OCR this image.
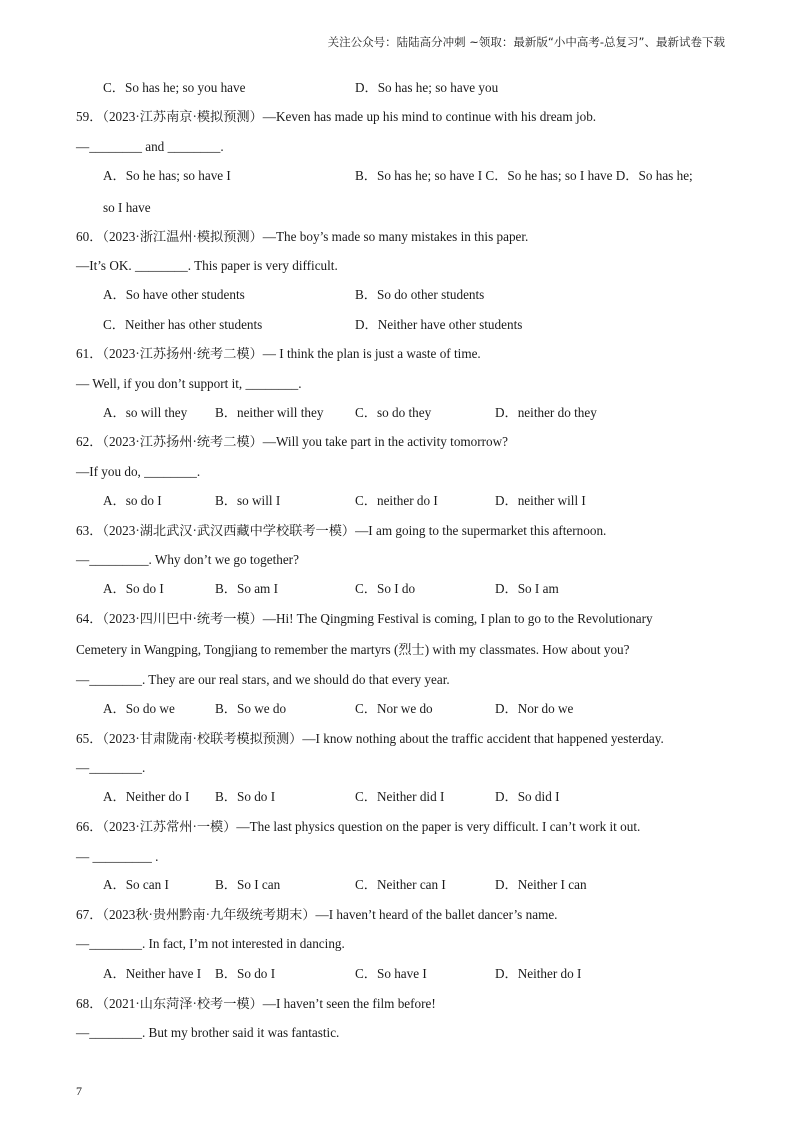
关注公众号：陆陆高分冲刺 ~领取：最新版“小中高考-总复习”、最新试卷下载
C．So has he; so you have	D．So has he; so have you
59．（2023·江苏南京·模拟预测）—Keven has made up his mind to continue with his dream job.
—________ and ________.
A．So he has; so have I	B．So has he; so have I C．So he has; so I have D．So has he;
so I have
60．（2023·浙江温州·模拟预测）—The boy’s made so many mistakes in this paper.
—It’s OK. ________. This paper is very difficult.
A．So have other students	B．So do other students
C．Neither has other students	D．Neither have other students
61．（2023·江苏扬州·统考二模）— I think the plan is just a waste of time.
— Well, if you don’t support it, ________.
A．so will they B．neither will they C．so do they	D．neither do they
62．（2023·江苏扬州·统考二模）—Will you take part in the activity tomorrow?
—If you do, ________.
A．so do I	B．so will I	C．neither do I	D．neither will I
63．（2023·湖北武汉·武汉西藏中学校联考一模）—I am going to the supermarket this afternoon.
—_________. Why don’t we go together?
A．So do I	B．So am I	C．So I do	D．So I am
64．（2023·四川巴中·统考一模）—Hi! The Qingming Festival is coming, I plan to go to the Revolutionary
Cemetery in Wangping, Tongjiang to remember the martyrs (烈士) with my classmates. How about you?
—________. They are our real stars, and we should do that every year.
A．So do we	B．So we do	C．Nor we do	D．Nor do we
65．（2023·甘肃陇南·校联考模拟预测）—I know nothing about the traffic accident that happened yesterday.
—________.
A．Neither do I B．So do I	C．Neither did I	D．So did I
66．（2023·江苏常州·一模）—The last physics question on the paper is very difficult. I can’t work it out.
— _________ .
A．So can I	B．So I can	C．Neither can I	D．Neither I can
67．（2023秋·贵州黔南·九年级统考期末）—I haven’t heard of the ballet dancer’s name.
—________. In fact, I’m not interested in dancing.
A．Neither have I B．So do I	C．So have I	D．Neither do I
68．（2021·山东菏泽·校考一模）—I haven’t seen the film before!
—________. But my brother said it was fantastic.
7
